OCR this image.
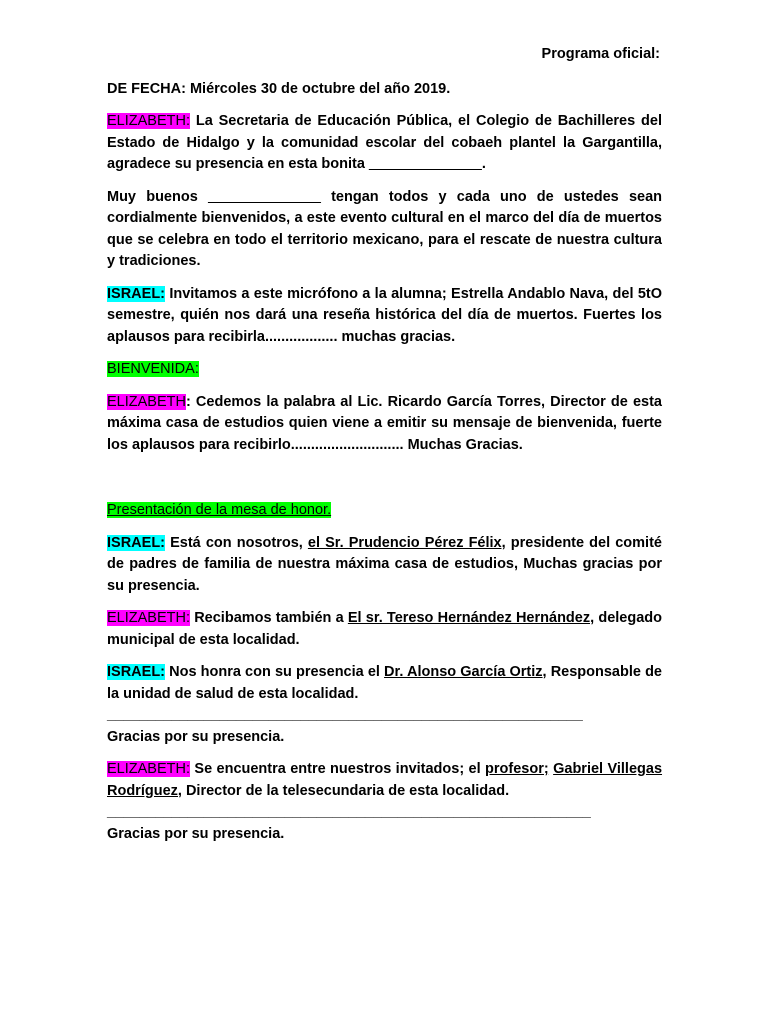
Programa oficial:

DE FECHA: Miércoles 30 de octubre del año 2019.

ELIZABETH: La Secretaria de Educación Pública, el Colegio de Bachilleres del Estado de Hidalgo y la comunidad escolar del cobaeh plantel la Gargantilla, agradece su presencia en esta bonita ______________.

Muy buenos ______________ tengan todos y cada uno de ustedes sean cordialmente bienvenidos, a este evento cultural en el marco del día de muertos que se celebra en todo el territorio mexicano, para el rescate de nuestra cultura y tradiciones.

ISRAEL: Invitamos a este micrófono a la alumna; Estrella Andablo Nava, del 5tO semestre, quién nos dará una reseña histórica del día de muertos. Fuertes los aplausos para recibirla.................. muchas gracias.

BIENVENIDA:

ELIZABETH: Cedemos la palabra al Lic. Ricardo García Torres, Director de esta máxima casa de estudios quien viene a emitir su mensaje de bienvenida, fuerte los aplausos para recibirlo............................ Muchas Gracias.

Presentación de la mesa de honor.

ISRAEL: Está con nosotros, el Sr. Prudencio Pérez Félix, presidente del comité de padres de familia de nuestra máxima casa de estudios, Muchas gracias por su presencia.

ELIZABETH: Recibamos también a El sr. Tereso Hernández Hernández, delegado municipal de esta localidad.

ISRAEL: Nos honra con su presencia el Dr. Alonso García Ortiz, Responsable de la unidad de salud de esta localidad.
___________________________________________________________
Gracias por su presencia.

ELIZABETH: Se encuentra entre nuestros invitados; el profesor; Gabriel Villegas Rodríguez, Director de la telesecundaria de esta localidad.
____________________________________________________________
Gracias por su presencia.
